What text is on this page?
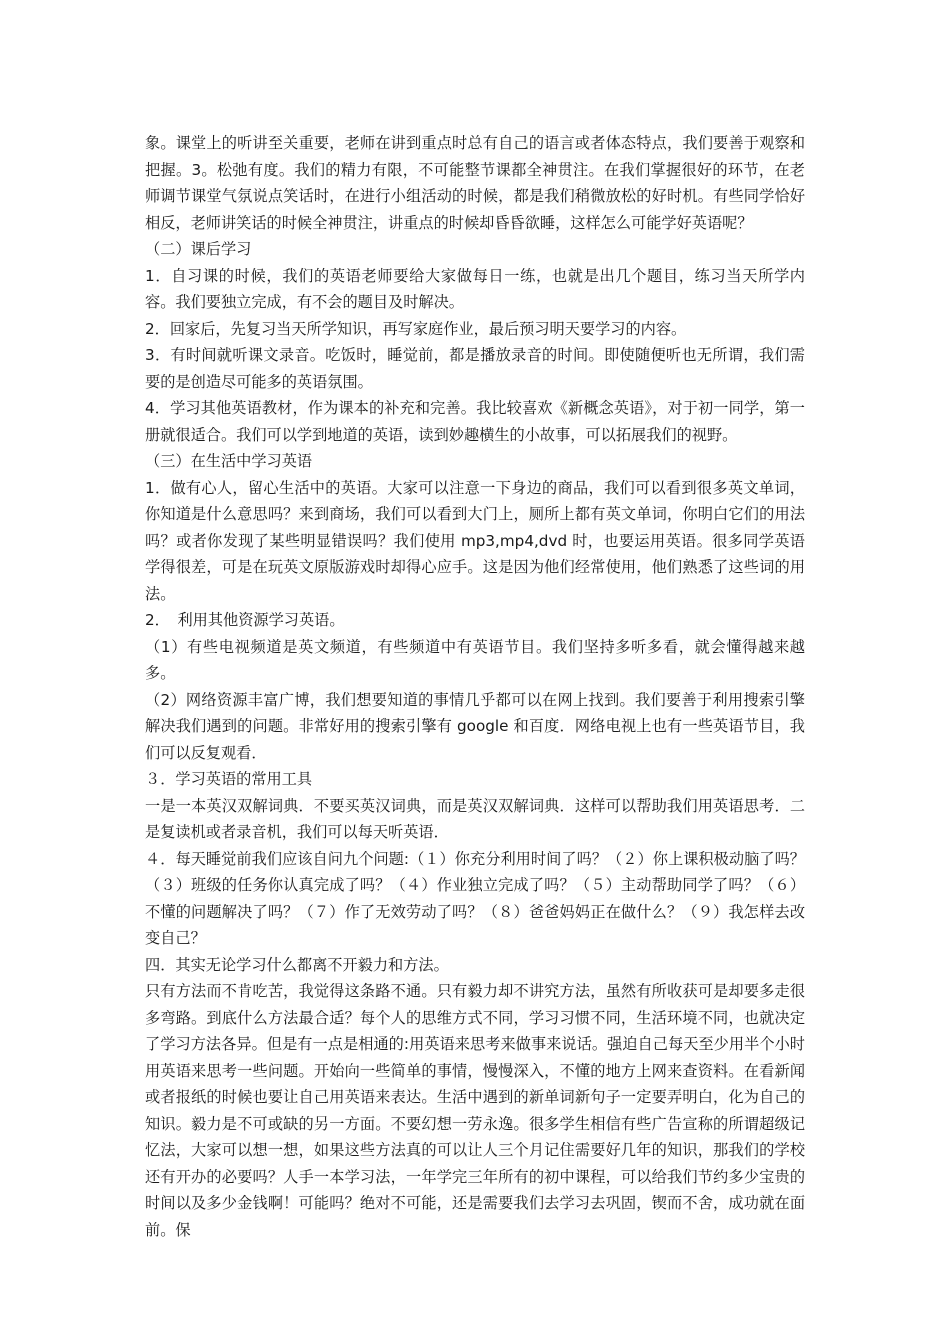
象。课堂上的听讲至关重要，老师在讲到重点时总有自己的语言或者体态特点，我们要善于观察和把握。3。松弛有度。我们的精力有限，不可能整节课都全神贯注。在我们掌握很好的环节，在老师调节课堂气氛说点笑话时，在进行小组活动的时候，都是我们稍微放松的好时机。有些同学恰好相反，老师讲笑话的时候全神贯注，讲重点的时候却昏昏欲睡，这样怎么可能学好英语呢？

（二）课后学习

1．自习课的时候，我们的英语老师要给大家做每日一练，也就是出几个题目，练习当天所学内容。我们要独立完成，有不会的题目及时解决。

2．回家后，先复习当天所学知识，再写家庭作业，最后预习明天要学习的内容。

3．有时间就听课文录音。吃饭时，睡觉前，都是播放录音的时间。即使随便听也无所谓，我们需要的是创造尽可能多的英语氛围。

4．学习其他英语教材，作为课本的补充和完善。我比较喜欢《新概念英语》，对于初一同学，第一册就很适合。我们可以学到地道的英语，读到妙趣横生的小故事，可以拓展我们的视野。

（三）在生活中学习英语

1．做有心人，留心生活中的英语。大家可以注意一下身边的商品，我们可以看到很多英文单词，你知道是什么意思吗？来到商场，我们可以看到大门上，厕所上都有英文单词，你明白它们的用法吗？或者你发现了某些明显错误吗？我们使用 mp3,mp4,dvd 时，也要运用英语。很多同学英语学得很差，可是在玩英文原版游戏时却得心应手。这是因为他们经常使用，他们熟悉了这些词的用法。

2．　利用其他资源学习英语。

（1）有些电视频道是英文频道，有些频道中有英语节目。我们坚持多听多看，就会懂得越来越多。

（2）网络资源丰富广博，我们想要知道的事情几乎都可以在网上找到。我们要善于利用搜索引擎解决我们遇到的问题。非常好用的搜索引擎有 google 和百度．网络电视上也有一些英语节目，我们可以反复观看．

３．学习英语的常用工具

一是一本英汉双解词典．不要买英汉词典，而是英汉双解词典．这样可以帮助我们用英语思考．二是复读机或者录音机，我们可以每天听英语．

４．每天睡觉前我们应该自问九个问题:（１）你充分利用时间了吗？（２）你上课积极动脑了吗？（３）班级的任务你认真完成了吗？（４）作业独立完成了吗？（５）主动帮助同学了吗？（６）不懂的问题解决了吗？（７）作了无效劳动了吗？（８）爸爸妈妈正在做什么？（９）我怎样去改变自己？

四．其实无论学习什么都离不开毅力和方法。

只有方法而不肯吃苦，我觉得这条路不通。只有毅力却不讲究方法，虽然有所收获可是却要多走很多弯路。到底什么方法最合适？每个人的思维方式不同，学习习惯不同，生活环境不同，也就决定了学习方法各异。但是有一点是相通的:用英语来思考来做事来说话。强迫自己每天至少用半个小时用英语来思考一些问题。开始向一些简单的事情，慢慢深入，不懂的地方上网来查资料。在看新闻或者报纸的时候也要让自己用英语来表达。生活中遇到的新单词新句子一定要弄明白，化为自己的知识。毅力是不可或缺的另一方面。不要幻想一劳永逸。很多学生相信有些广告宣称的所谓超级记忆法，大家可以想一想，如果这些方法真的可以让人三个月记住需要好几年的知识，那我们的学校还有开办的必要吗？人手一本学习法，一年学完三年所有的初中课程，可以给我们节约多少宝贵的时间以及多少金钱啊！可能吗？绝对不可能，还是需要我们去学习去巩固，锲而不舍，成功就在面前。保
